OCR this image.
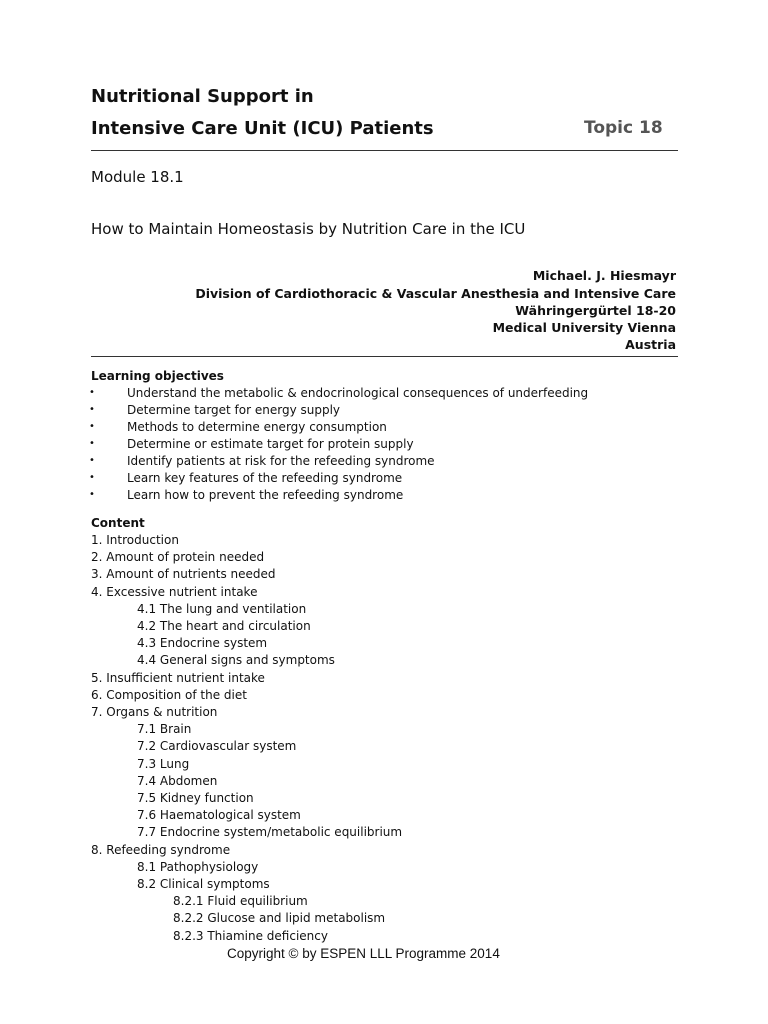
Nutritional Support in
Intensive Care Unit (ICU) Patients	Topic 18
Module 18.1
How to Maintain Homeostasis by Nutrition Care in the ICU
Michael. J. Hiesmayr
Division of Cardiothoracic & Vascular Anesthesia and Intensive Care
Währingergürtel 18-20
Medical University Vienna
Austria
Learning objectives
•	Understand the metabolic & endocrinological consequences of underfeeding
•	Determine target for energy supply
•	Methods to determine energy consumption
•	Determine or estimate target for protein supply
•	Identify patients at risk for the refeeding syndrome
•	Learn key features of the refeeding syndrome
•	Learn how to prevent the refeeding syndrome
Content
1. Introduction
2. Amount of protein needed
3. Amount of nutrients needed
4. Excessive nutrient intake
4.1 The lung and ventilation
4.2 The heart and circulation
4.3 Endocrine system
4.4 General signs and symptoms
5. Insufficient nutrient intake
6. Composition of the diet
7. Organs & nutrition
7.1 Brain
7.2 Cardiovascular system
7.3 Lung
7.4 Abdomen
7.5 Kidney function
7.6 Haematological system
7.7 Endocrine system/metabolic equilibrium
8. Refeeding syndrome
8.1 Pathophysiology
8.2 Clinical symptoms
8.2.1 Fluid equilibrium
8.2.2 Glucose and lipid metabolism
8.2.3 Thiamine deficiency
Copyright © by ESPEN LLL Programme 2014
